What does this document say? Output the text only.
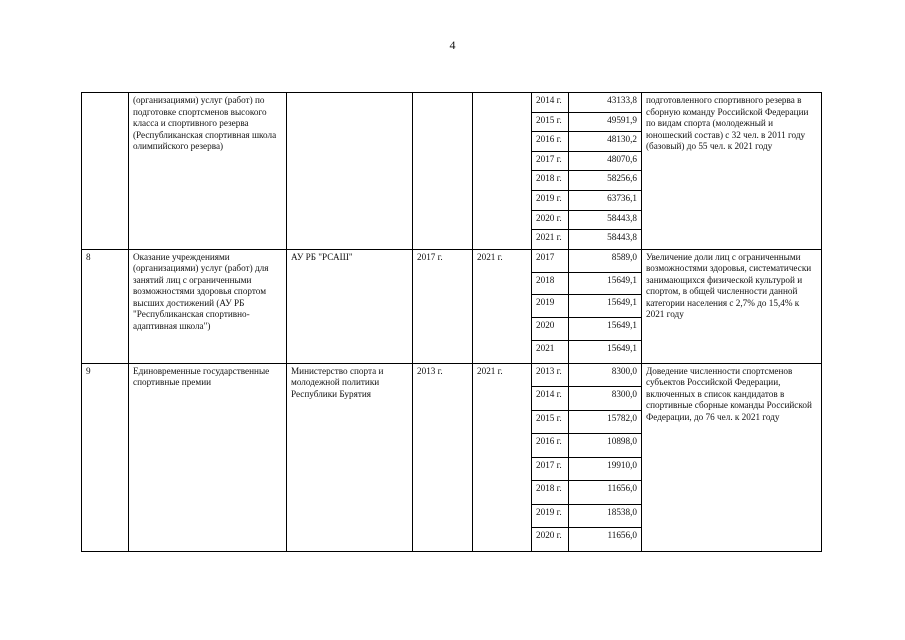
4
	(организациями) услуг (работ) по подготовке спортсменов высокого класса и спортивного резерва (Республиканская спортивная школа олимпийского резерва)				2014 г.	43133,8	подготовленного спортивного резерва в сборную команду Российской Федерации по видам спорта (молодежный и юношеский состав) с 32 чел. в 2011 году (базовый) до 55 чел. к 2021 году
					2015 г.	49591,9	
					2016 г.	48130,2	
					2017 г.	48070,6	
					2018 г.	58256,6	
					2019 г.	63736,1	
					2020 г.	58443,8	
					2021 г.	58443,8	
8	Оказание учреждениями (организациями) услуг (работ) для занятий лиц с ограниченными возможностями здоровья спортом высших достижений (АУ РБ "Республиканская спортивно-адаптивная школа")	АУ РБ "РСАШ"	2017 г.	2021 г.	2017	8589,0	Увеличение доли лиц с ограниченными возможностями здоровья, систематически занимающихся физической культурой и спортом, в общей численности данной категории населения с 2,7% до 15,4% к 2021 году
					2018	15649,1	
					2019	15649,1	
					2020	15649,1	
					2021	15649,1	
9	Единовременные государственные спортивные премии	Министерство спорта и молодежной политики Республики Бурятия	2013 г.	2021 г.	2013 г.	8300,0	Доведение численности спортсменов субъектов Российской Федерации, включенных в список кандидатов в спортивные сборные команды Российской Федерации, до 76 чел. к 2021 году
					2014 г.	8300,0	
					2015 г.	15782,0	
					2016 г.	10898,0	
					2017 г.	19910,0	
					2018 г.	11656,0	
					2019 г.	18538,0	
					2020 г.	11656,0	
